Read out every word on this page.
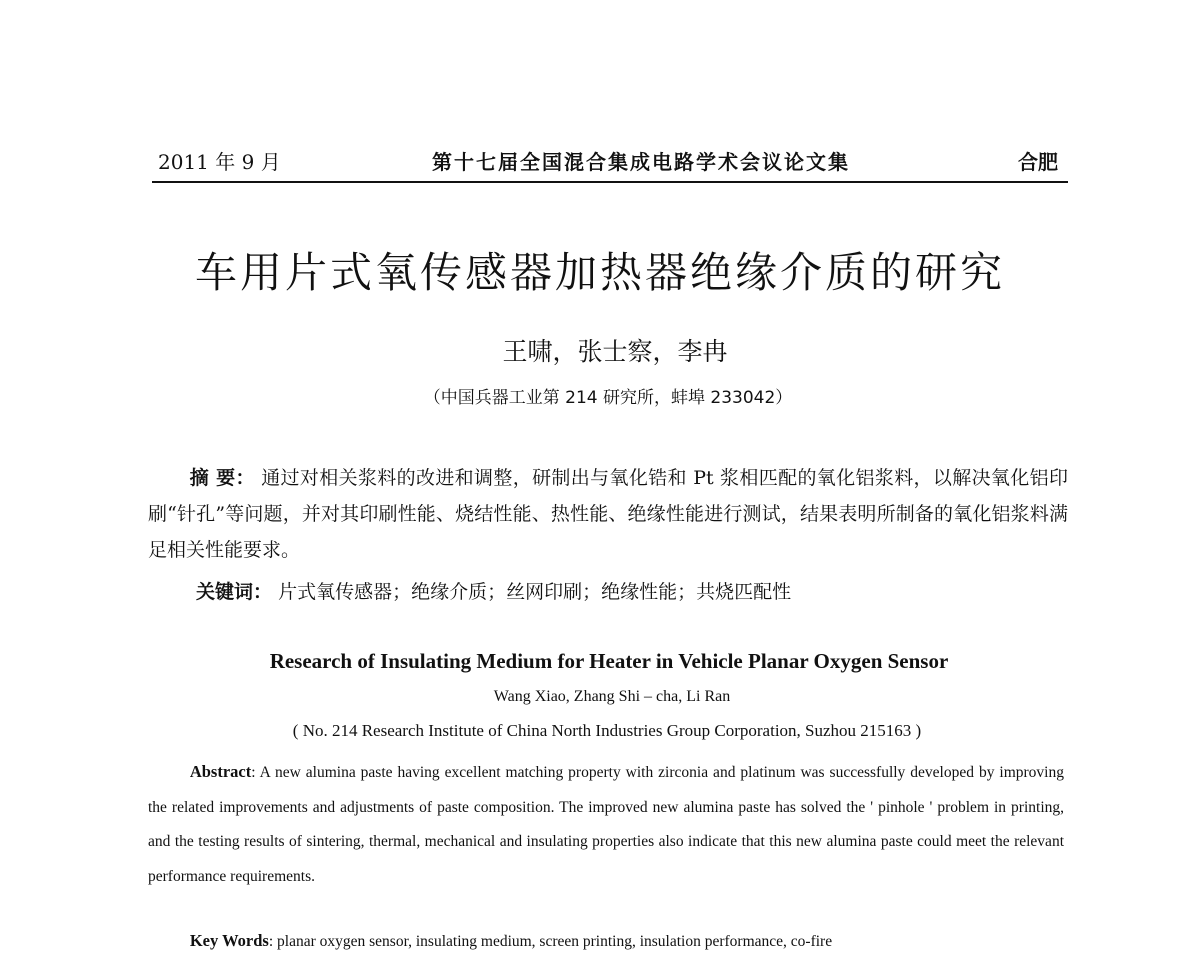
2011 年 9 月	第十七届全国混合集成电路学术会议论文集	合肥
车用片式氧传感器加热器绝缘介质的研究
王啸，张士察，李冉
（中国兵器工业第 214 研究所，蚌埠 233042）
摘 要： 通过对相关浆料的改进和调整，研制出与氧化锆和 Pt 浆相匹配的氧化铝浆料，以解决氧化铝印刷“针孔”等问题，并对其印刷性能、烧结性能、热性能、绝缘性能进行测试，结果表明所制备的氧化铝浆料满足相关性能要求。
关键词： 片式氧传感器；绝缘介质；丝网印刷；绝缘性能；共烧匹配性
Research of Insulating Medium for Heater in Vehicle Planar Oxygen Sensor
Wang Xiao, Zhang Shi – cha, Li Ran
( No. 214 Research Institute of China North Industries Group Corporation, Suzhou 215163 )
Abstract: A new alumina paste having excellent matching property with zirconia and platinum was successfully developed by improving the related improvements and adjustments of paste composition. The improved new alumina paste has solved the ' pinhole ' problem in printing, and the testing results of sintering, thermal, mechanical and insulating properties also indicate that this new alumina paste could meet the relevant performance requirements.
Key Words: planar oxygen sensor, insulating medium, screen printing, insulation performance, co-fire
